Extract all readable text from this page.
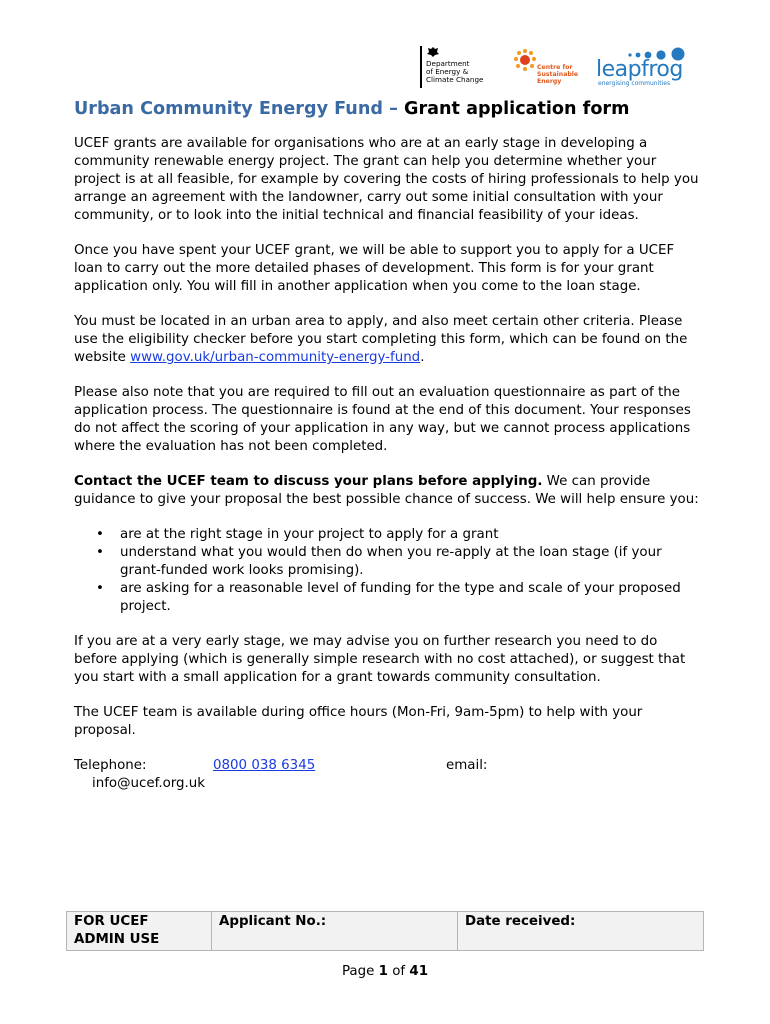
Department
of Energy &
Climate Change
Centre for
Sustainable
Energy	leapfrog
energising communities
Urban Community Energy Fund – Grant application form

UCEF grants are available for organisations who are at an early stage in developing a community renewable energy project. The grant can help you determine whether your project is at all feasible, for example by covering the costs of hiring professionals to help you arrange an agreement with the landowner, carry out some initial consultation with your community, or to look into the initial technical and financial feasibility of your ideas.

Once you have spent your UCEF grant, we will be able to support you to apply for a UCEF loan to carry out the more detailed phases of development. This form is for your grant application only. You will fill in another application when you come to the loan stage.

You must be located in an urban area to apply, and also meet certain other criteria. Please use the eligibility checker before you start completing this form, which can be found on the website www.gov.uk/urban-community-energy-fund.

Please also note that you are required to fill out an evaluation questionnaire as part of the application process. The questionnaire is found at the end of this document. Your responses do not affect the scoring of your application in any way, but we cannot process applications where the evaluation has not been completed.

Contact the UCEF team to discuss your plans before applying. We can provide guidance to give your proposal the best possible chance of success. We will help ensure you:

• are at the right stage in your project to apply for a grant
• understand what you would then do when you re-apply at the loan stage (if your grant-funded work looks promising).
• are asking for a reasonable level of funding for the type and scale of your proposed project.

If you are at a very early stage, we may advise you on further research you need to do before applying (which is generally simple research with no cost attached), or suggest that you start with a small application for a grant towards community consultation.

The UCEF team is available during office hours (Mon-Fri, 9am-5pm) to help with your proposal.

Telephone:	0800 038 6345	email:
info@ucef.org.uk
FOR UCEF ADMIN USE	Applicant No.:	Date received:
Page 1 of 41
